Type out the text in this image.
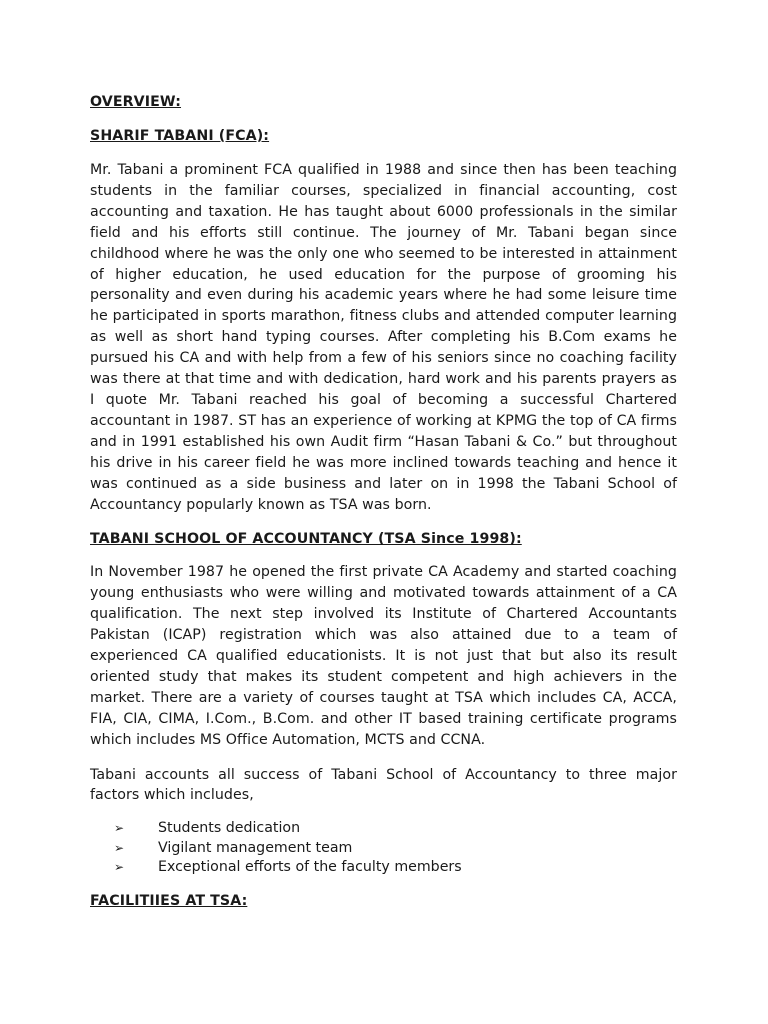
OVERVIEW:
SHARIF TABANI (FCA):

Mr. Tabani a prominent FCA qualified in 1988 and since then has been teaching students in the familiar courses, specialized in financial accounting, cost accounting and taxation. He has taught about 6000 professionals in the similar field and his efforts still continue. The journey of Mr. Tabani began since childhood where he was the only one who seemed to be interested in attainment of higher education, he used education for the purpose of grooming his personality and even during his academic years where he had some leisure time he participated in sports marathon, fitness clubs and attended computer learning as well as short hand typing courses. After completing his B.Com exams he pursued his CA and with help from a few of his seniors since no coaching facility was there at that time and with dedication, hard work and his parents prayers as I quote Mr. Tabani reached his goal of becoming a successful Chartered accountant in 1987. ST has an experience of working at KPMG the top of CA firms and in 1991 established his own Audit firm “Hasan Tabani & Co.” but throughout his drive in his career field he was more inclined towards teaching and hence it was continued as a side business and later on in 1998 the Tabani School of Accountancy popularly known as TSA was born.

TABANI SCHOOL OF ACCOUNTANCY (TSA Since 1998):

In November 1987 he opened the first private CA Academy and started coaching young enthusiasts who were willing and motivated towards attainment of a CA qualification. The next step involved its Institute of Chartered Accountants Pakistan (ICAP) registration which was also attained due to a team of experienced CA qualified educationists. It is not just that but also its result oriented study that makes its student competent and high achievers in the market. There are a variety of courses taught at TSA which includes CA, ACCA, FIA, CIA, CIMA, I.Com., B.Com. and other IT based training certificate programs which includes MS Office Automation, MCTS and CCNA.

Tabani accounts all success of Tabani School of Accountancy to three major factors which includes,

➢	Students dedication
➢	Vigilant management team
➢	Exceptional efforts of the faculty members
FACILITIIES AT TSA:
